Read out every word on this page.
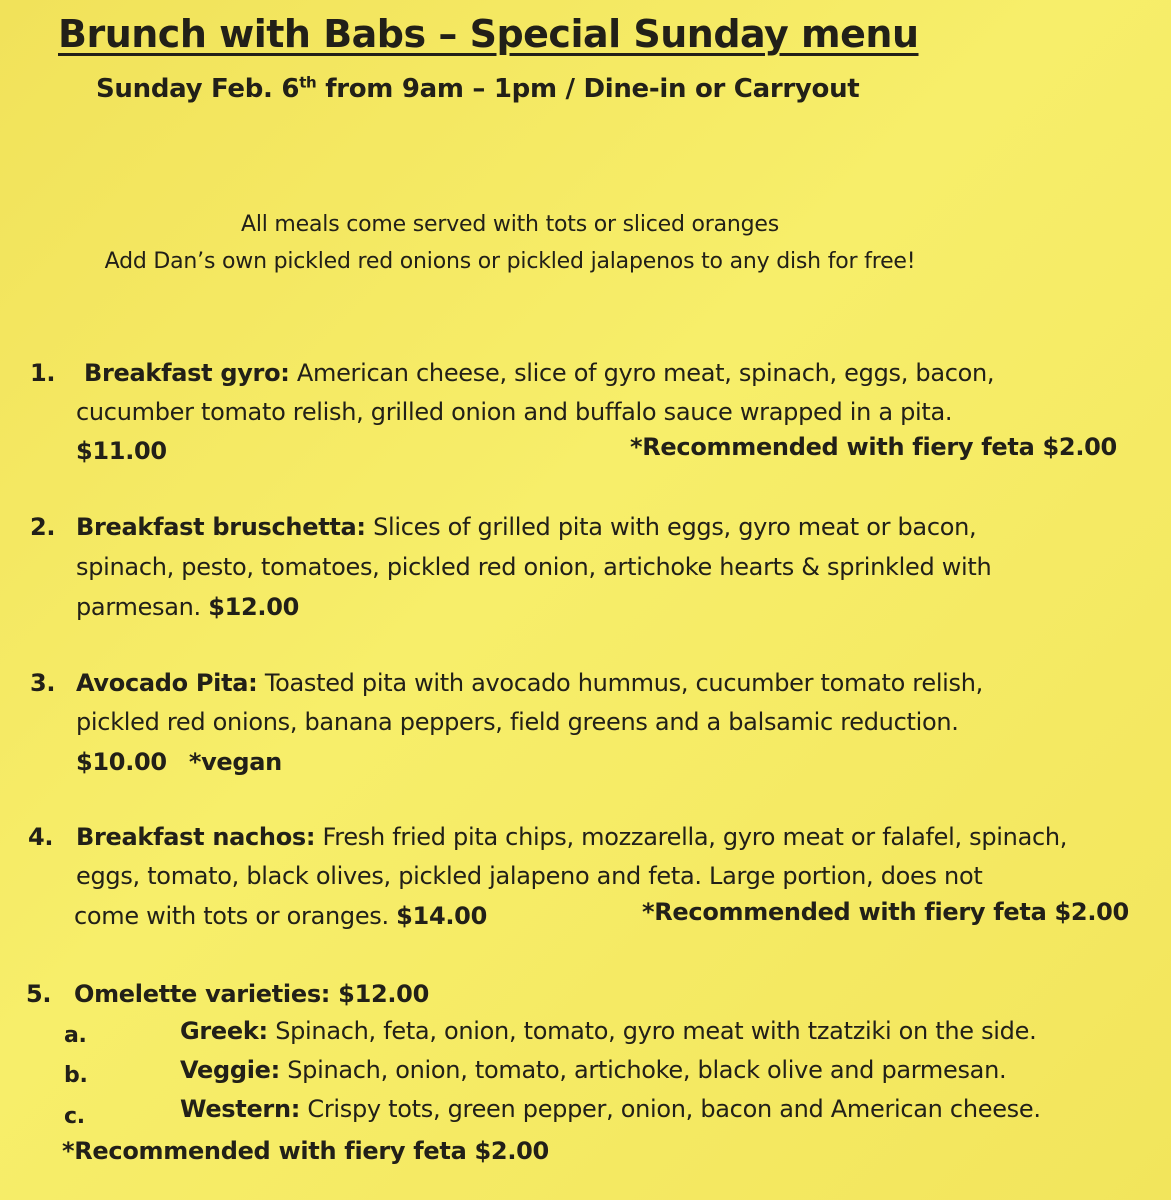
Brunch with Babs – Special Sunday menu
Sunday Feb. 6th from 9am – 1pm / Dine-in or Carryout
All meals come served with tots or sliced oranges
Add Dan’s own pickled red onions or pickled jalapenos to any dish for free!
1. Breakfast gyro: American cheese, slice of gyro meat, spinach, eggs, bacon,
cucumber tomato relish, grilled onion and buffalo sauce wrapped in a pita.
$11.00	*Recommended with fiery feta $2.00
2. Breakfast bruschetta: Slices of grilled pita with eggs, gyro meat or bacon,
spinach, pesto, tomatoes, pickled red onion, artichoke hearts & sprinkled with
parmesan. $12.00
3. Avocado Pita: Toasted pita with avocado hummus, cucumber tomato relish,
pickled red onions, banana peppers, field greens and a balsamic reduction.
$10.00 *vegan
4. Breakfast nachos: Fresh fried pita chips, mozzarella, gyro meat or falafel, spinach,
eggs, tomato, black olives, pickled jalapeno and feta. Large portion, does not
come with tots or oranges. $14.00	*Recommended with fiery feta $2.00
5. Omelette varieties: $12.00
a.	Greek: Spinach, feta, onion, tomato, gyro meat with tzatziki on the side.
b.	Veggie: Spinach, onion, tomato, artichoke, black olive and parmesan.
c.	Western: Crispy tots, green pepper, onion, bacon and American cheese.
*Recommended with fiery feta $2.00
